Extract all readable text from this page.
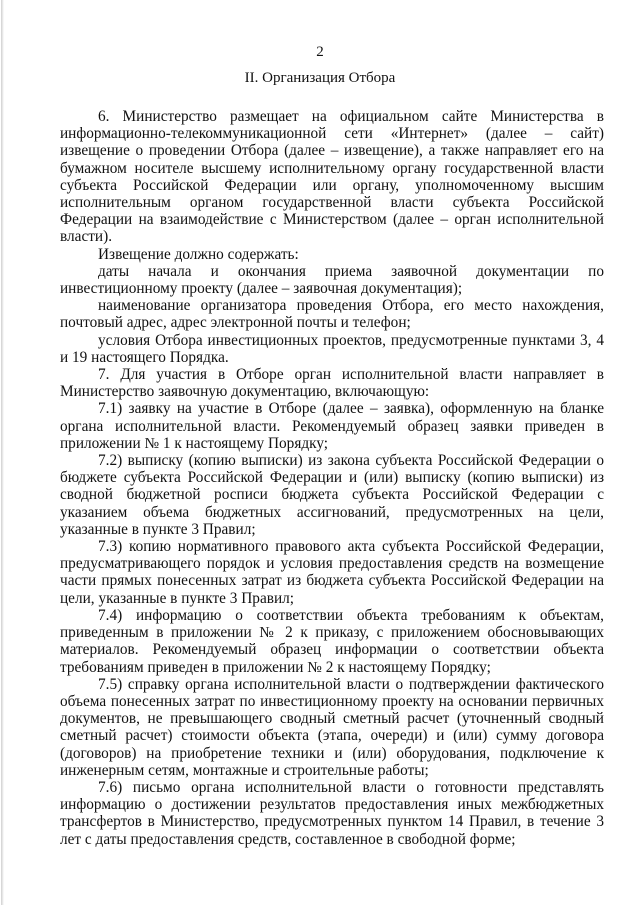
2
II. Организация Отбора

6. Министерство размещает на официальном сайте Министерства в информационно-телекоммуникационной сети «Интернет» (далее – сайт) извещение о проведении Отбора (далее – извещение), а также направляет его на бумажном носителе высшему исполнительному органу государственной власти субъекта Российской Федерации или органу, уполномоченному высшим исполнительным органом государственной власти субъекта Российской Федерации на взаимодействие с Министерством (далее – орган исполнительной власти).

Извещение должно содержать:

даты начала и окончания приема заявочной документации по инвестиционному проекту (далее – заявочная документация);

наименование организатора проведения Отбора, его место нахождения, почтовый адрес, адрес электронной почты и телефон;

условия Отбора инвестиционных проектов, предусмотренные пунктами 3, 4 и 19 настоящего Порядка.

7. Для участия в Отборе орган исполнительной власти направляет в Министерство заявочную документацию, включающую:

7.1) заявку на участие в Отборе (далее – заявка), оформленную на бланке органа исполнительной власти. Рекомендуемый образец заявки приведен в приложении № 1 к настоящему Порядку;

7.2) выписку (копию выписки) из закона субъекта Российской Федерации о бюджете субъекта Российской Федерации и (или) выписку (копию выписки) из сводной бюджетной росписи бюджета субъекта Российской Федерации с указанием объема бюджетных ассигнований, предусмотренных на цели, указанные в пункте 3 Правил;

7.3) копию нормативного правового акта субъекта Российской Федерации, предусматривающего порядок и условия предоставления средств на возмещение части прямых понесенных затрат из бюджета субъекта Российской Федерации на цели, указанные в пункте 3 Правил;

7.4) информацию о соответствии объекта требованиям к объектам, приведенным в приложении № 2 к приказу, с приложением обосновывающих материалов. Рекомендуемый образец информации о соответствии объекта требованиям приведен в приложении № 2 к настоящему Порядку;

7.5) справку органа исполнительной власти о подтверждении фактического объема понесенных затрат по инвестиционному проекту на основании первичных документов, не превышающего сводный сметный расчет (уточненный сводный сметный расчет) стоимости объекта (этапа, очереди) и (или) сумму договора (договоров) на приобретение техники и (или) оборудования, подключение к инженерным сетям, монтажные и строительные работы;

7.6) письмо органа исполнительной власти о готовности представлять информацию о достижении результатов предоставления иных межбюджетных трансфертов в Министерство, предусмотренных пунктом 14 Правил, в течение 3 лет с даты предоставления средств, составленное в свободной форме;
